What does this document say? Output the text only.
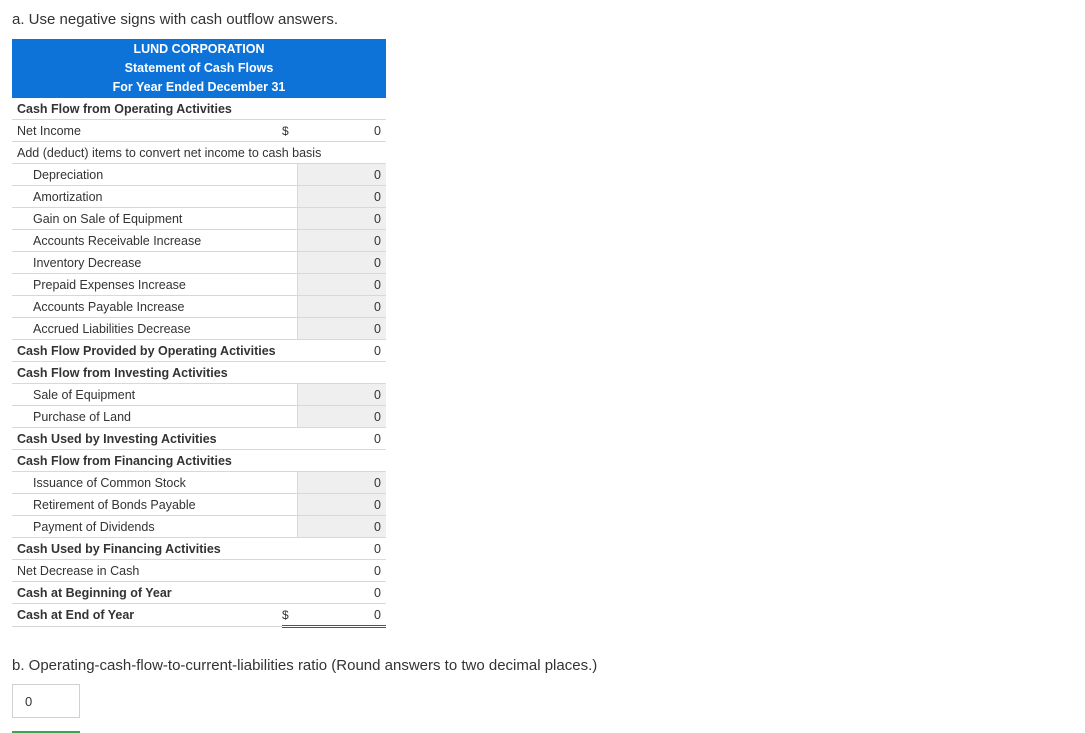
a. Use negative signs with cash outflow answers.
LUND CORPORATION
Statement of Cash Flows
For Year Ended December 31
Cash Flow from Operating Activities		
Net Income	$	0
Add (deduct) items to convert net income to cash basis		
Depreciation		0
Amortization		0
Gain on Sale of Equipment		0
Accounts Receivable Increase		0
Inventory Decrease		0
Prepaid Expenses Increase		0
Accounts Payable Increase		0
Accrued Liabilities Decrease		0
Cash Flow Provided by Operating Activities		0
Cash Flow from Investing Activities		
Sale of Equipment		0
Purchase of Land		0
Cash Used by Investing Activities		0
Cash Flow from Financing Activities		
Issuance of Common Stock		0
Retirement of Bonds Payable		0
Payment of Dividends		0
Cash Used by Financing Activities		0
Net Decrease in Cash		0
Cash at Beginning of Year		0
Cash at End of Year	$	0
b. Operating-cash-flow-to-current-liabilities ratio (Round answers to two decimal places.)
0
